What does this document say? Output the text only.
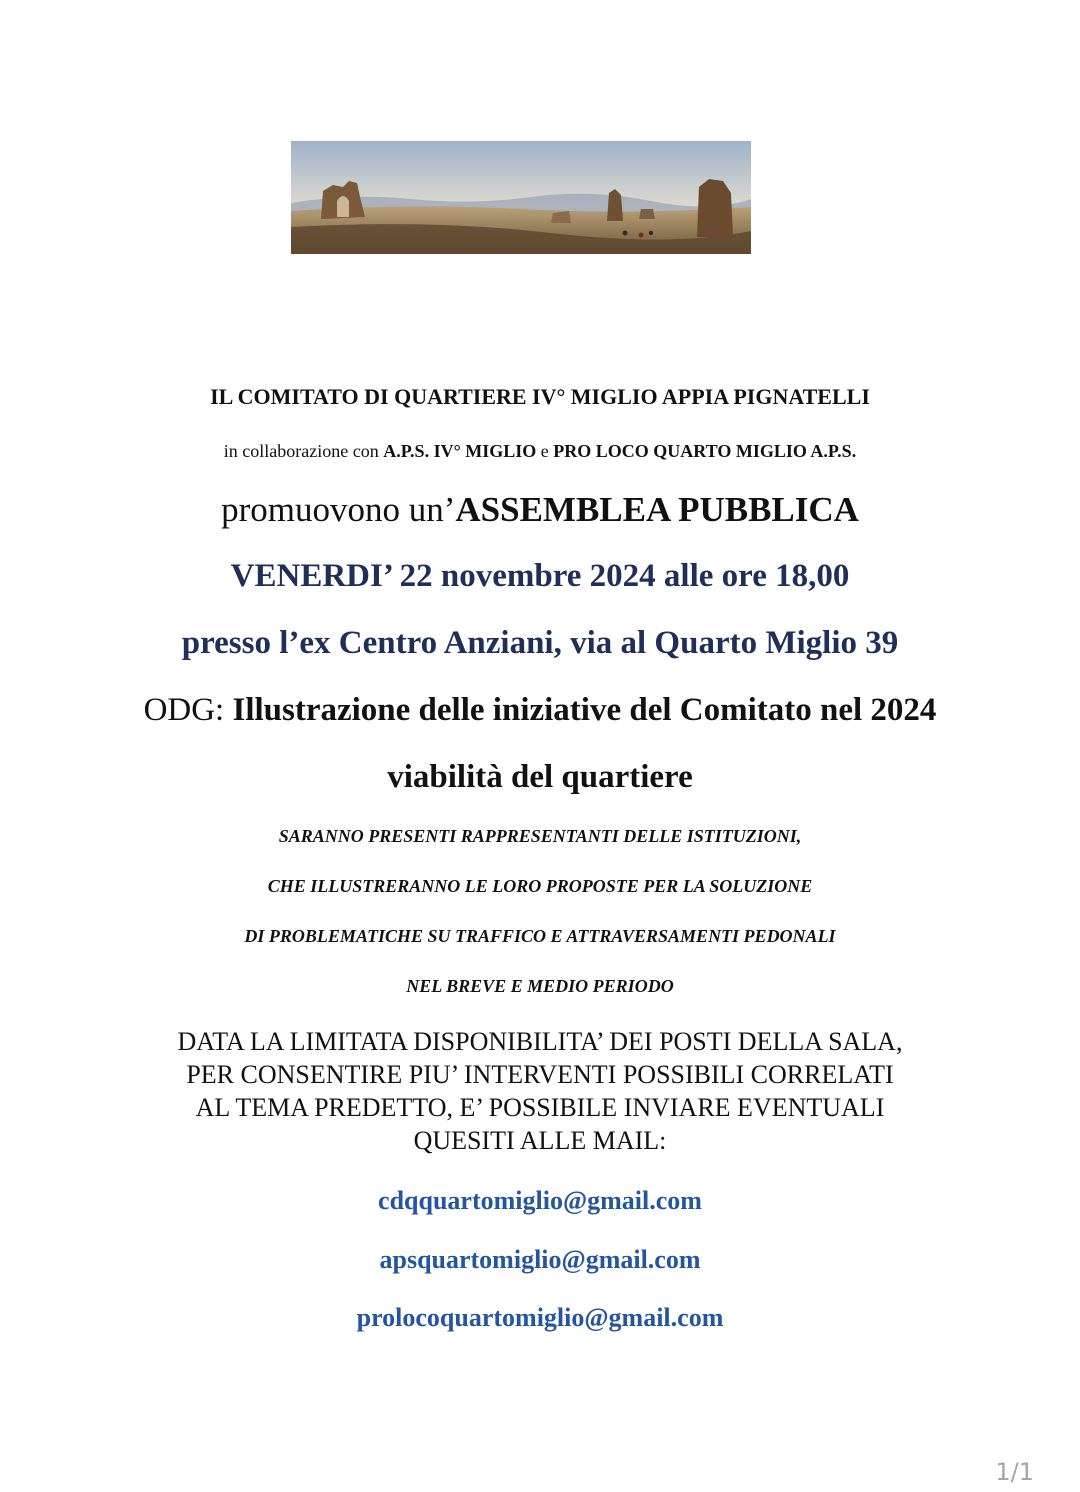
IL COMITATO DI QUARTIERE IV° MIGLIO APPIA PIGNATELLI
in collaborazione con A.P.S. IV° MIGLIO e PRO LOCO QUARTO MIGLIO A.P.S.
promuovono un’ASSEMBLEA PUBBLICA
VENERDI’ 22 novembre 2024 alle ore 18,00
presso l’ex Centro Anziani, via al Quarto Miglio 39
ODG: Illustrazione delle iniziative del Comitato nel 2024
viabilità del quartiere
SARANNO PRESENTI RAPPRESENTANTI DELLE ISTITUZIONI,
CHE ILLUSTRERANNO LE LORO PROPOSTE PER LA SOLUZIONE
DI PROBLEMATICHE SU TRAFFICO E ATTRAVERSAMENTI PEDONALI
NEL BREVE E MEDIO PERIODO
DATA LA LIMITATA DISPONIBILITA’ DEI POSTI DELLA SALA,
PER CONSENTIRE PIU’ INTERVENTI POSSIBILI CORRELATI
AL TEMA PREDETTO, E’ POSSIBILE INVIARE EVENTUALI
QUESITI ALLE MAIL:
cdqquartomiglio@gmail.com
apsquartomiglio@gmail.com
prolocoquartomiglio@gmail.com
1/1
